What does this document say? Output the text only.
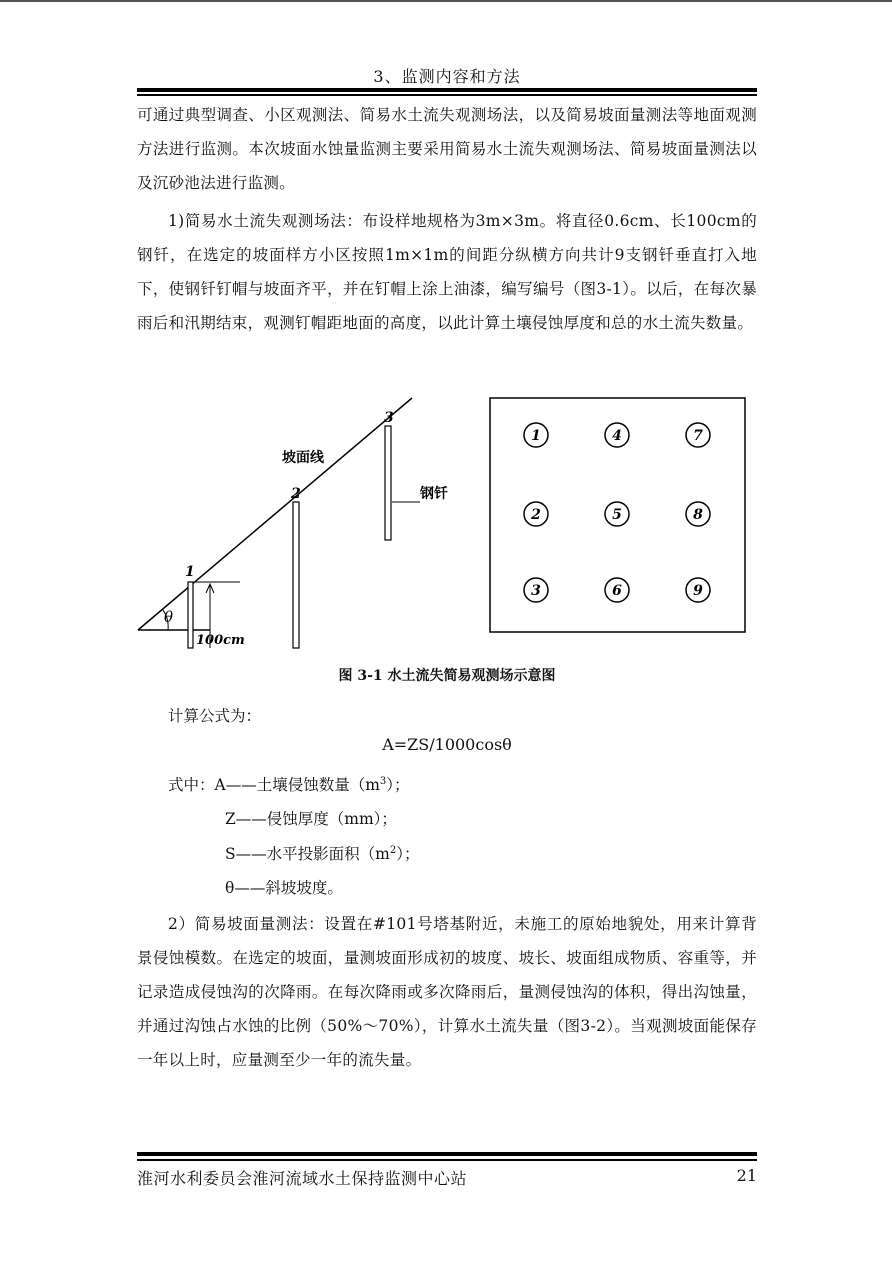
3、监测内容和方法
可通过典型调查、小区观测法、简易水土流失观测场法，以及简易坡面量测法等地面观测方法进行监测。本次坡面水蚀量监测主要采用简易水土流失观测场法、简易坡面量测法以及沉砂池法进行监测。
1)简易水土流失观测场法：布设样地规格为3m×3m。将直径0.6cm、长100cm的钢钎，在选定的坡面样方小区按照1m×1m的间距分纵横方向共计9支钢钎垂直打入地下，使钢钎钉帽与坡面齐平，并在钉帽上涂上油漆，编写编号（图3-1）。以后，在每次暴雨后和汛期结束，观测钉帽距地面的高度，以此计算土壤侵蚀厚度和总的水土流失数量。
1
2
3
坡面线
钢钎
100cm
θ
1	4	7
2	5	8
3	6	9
图 3-1 水土流失简易观测场示意图
计算公式为：
A=ZS/1000cosθ
式中：A——土壤侵蚀数量$(m^3)$；
Z——侵蚀厚度（mm）；
S——水平投影面积$(m^2)$；
θ——斜坡坡度。
2）简易坡面量测法：设置在#101号塔基附近，未施工的原始地貌处，用来计算背景侵蚀模数。在选定的坡面，量测坡面形成初的坡度、坡长、坡面组成物质、容重等，并记录造成侵蚀沟的次降雨。在每次降雨或多次降雨后，量测侵蚀沟的体积，得出沟蚀量，并通过沟蚀占水蚀的比例（50%～70%），计算水土流失量（图3-2）。当观测坡面能保存一年以上时，应量测至少一年的流失量。
淮河水利委员会淮河流域水土保持监测中心站	21
